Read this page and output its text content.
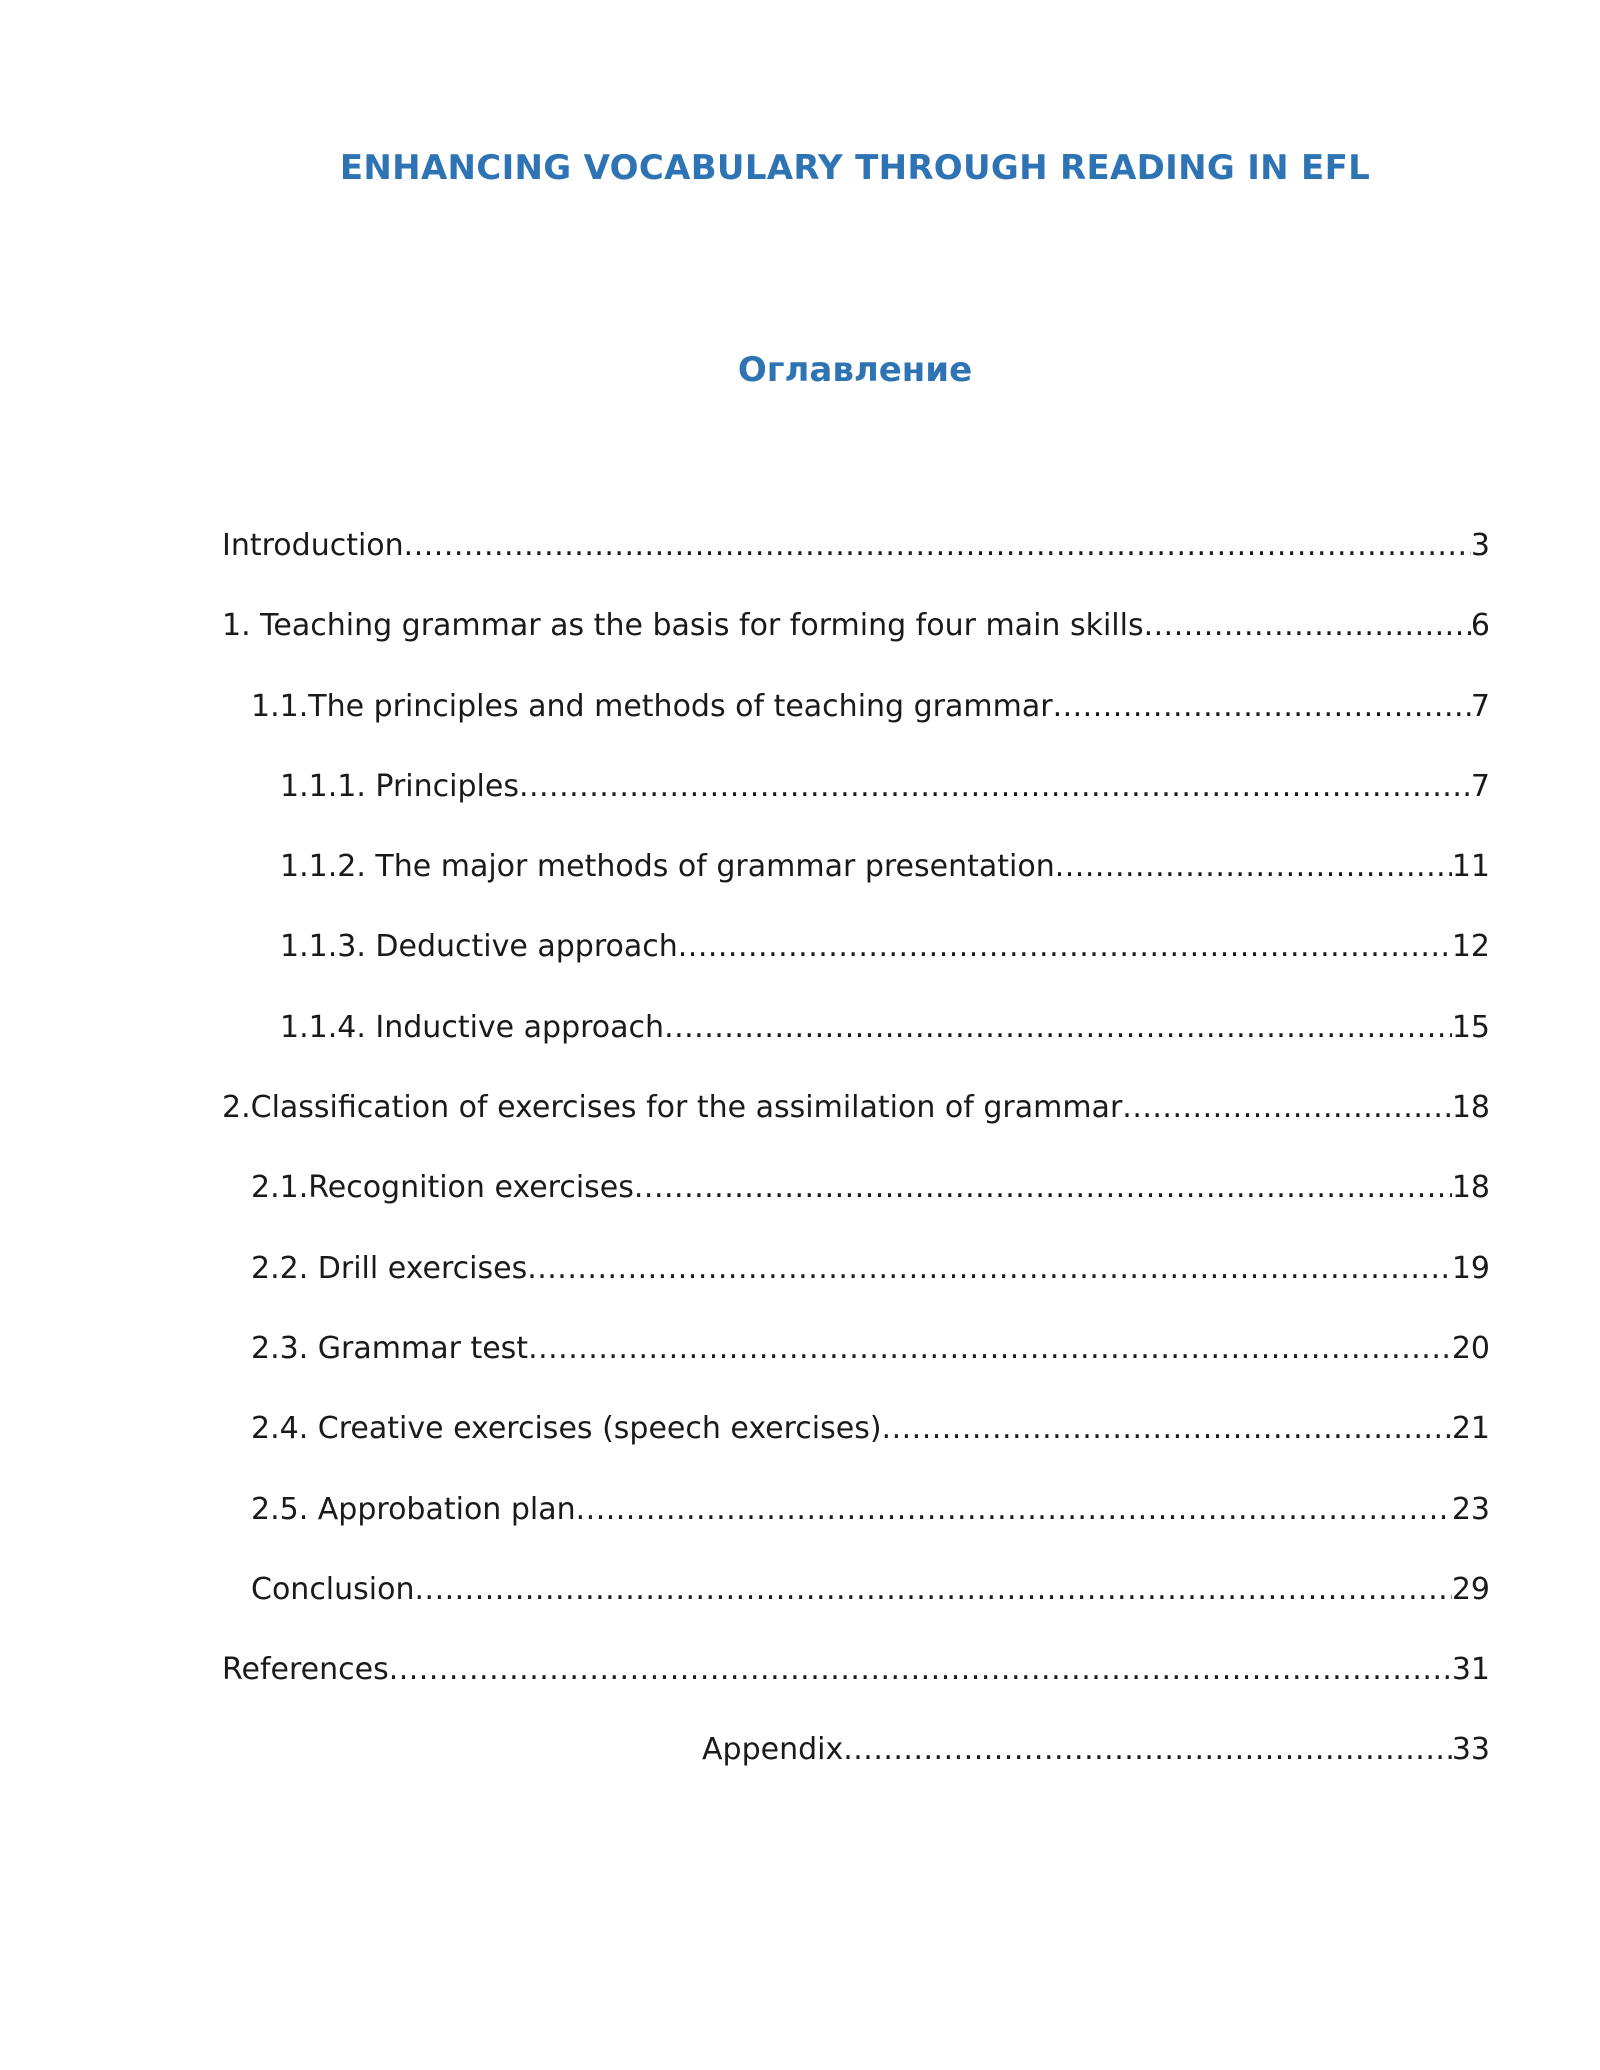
ENHANCING VOCABULARY THROUGH READING IN EFL
Оглавление
Introduction .....	3
1. Teaching grammar as the basis for forming four main skills .....	6
1.1.The principles and methods of teaching grammar .....	7
1.1.1. Principles .....	7
1.1.2. The major methods of grammar presentation .....	11
1.1.3. Deductive approach .....	12
1.1.4. Inductive approach .....	15
2.Classification of exercises for the assimilation of grammar .....	18
2.1.Recognition exercises .....	18
2.2. Drill exercises .....	19
2.3. Grammar test .....	20
2.4. Creative exercises (speech exercises) .....	21
2.5. Approbation plan .....	23
Conclusion .....	29
References .....	31
Appendix .....	33
